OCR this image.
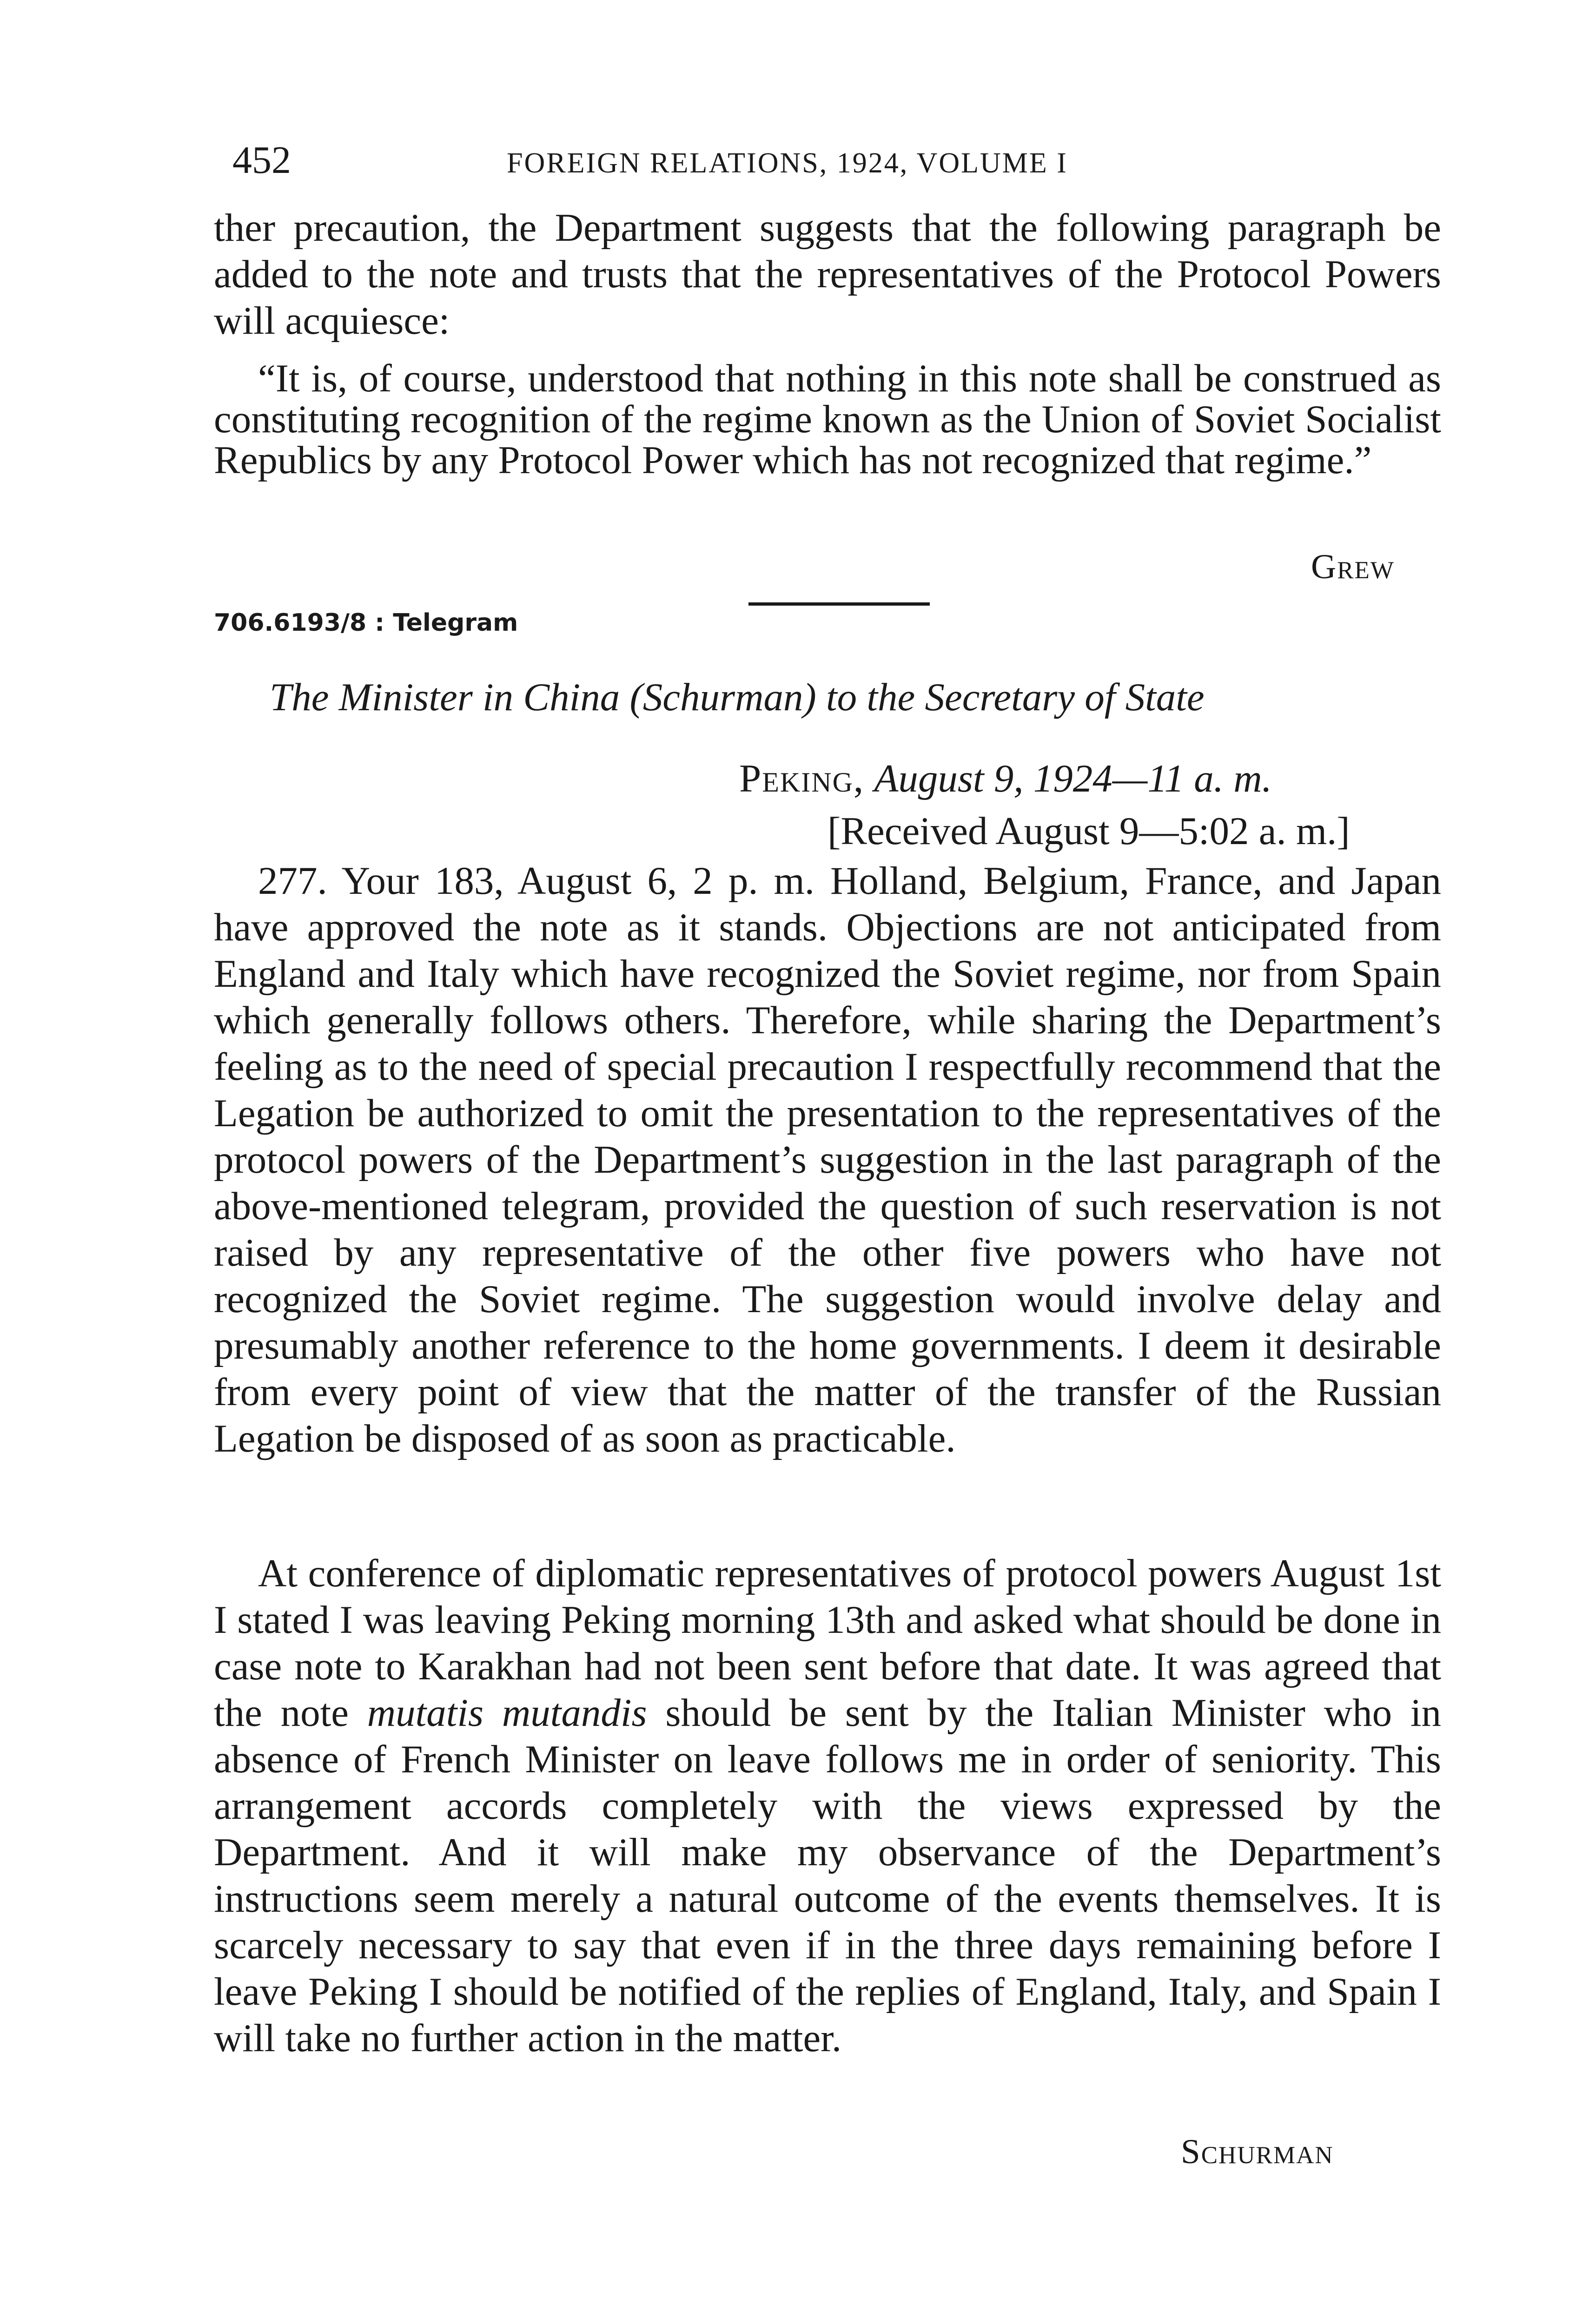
452	FOREIGN RELATIONS, 1924, VOLUME I

ther precaution, the Department suggests that the following paragraph be added to the note and trusts that the representatives of the Protocol Powers will acquiesce:

“It is, of course, understood that nothing in this note shall be construed as constituting recognition of the regime known as the Union of Soviet Socialist Republics by any Protocol Power which has not recognized that regime.”

Grew
706.6193/8 : Telegram
The Minister in China (Schurman) to the Secretary of State
Peking, August 9, 1924—11 a. m.
[Received August 9—5:02 a. m.]

277. Your 183, August 6, 2 p. m. Holland, Belgium, France, and Japan have approved the note as it stands. Objections are not anticipated from England and Italy which have recognized the Soviet regime, nor from Spain which generally follows others. Therefore, while sharing the Department’s feeling as to the need of special precaution I respectfully recommend that the Legation be authorized to omit the presentation to the representatives of the protocol powers of the Department’s suggestion in the last paragraph of the above-mentioned telegram, provided the question of such reservation is not raised by any representative of the other five powers who have not recognized the Soviet regime. The suggestion would involve delay and presumably another reference to the home governments. I deem it desirable from every point of view that the matter of the transfer of the Russian Legation be disposed of as soon as practicable.

At conference of diplomatic representatives of protocol powers August 1st I stated I was leaving Peking morning 13th and asked what should be done in case note to Karakhan had not been sent before that date. It was agreed that the note mutatis mutandis should be sent by the Italian Minister who in absence of French Minister on leave follows me in order of seniority. This arrangement accords completely with the views expressed by the Department. And it will make my observance of the Department’s instructions seem merely a natural outcome of the events themselves. It is scarcely necessary to say that even if in the three days remaining before I leave Peking I should be notified of the replies of England, Italy, and Spain I will take no further action in the matter.

Schurman
